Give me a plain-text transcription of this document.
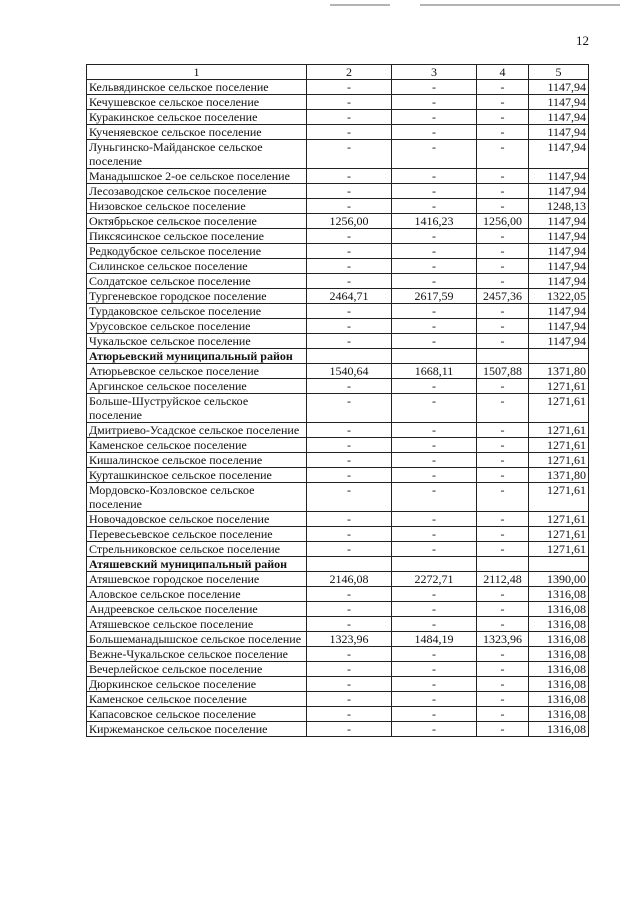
12
1	2	3	4	5
Кельвядинское сельское поселение	-	-	-	1147,94
Кечушевское сельское поселение	-	-	-	1147,94
Куракинское сельское поселение	-	-	-	1147,94
Кученяевское сельское поселение	-	-	-	1147,94
Луньгинско-Майданское сельское поселение	-	-	-	1147,94
Манадышское 2-ое сельское поселение	-	-	-	1147,94
Лесозаводское сельское поселение	-	-	-	1147,94
Низовское сельское поселение	-	-	-	1248,13
Октябрьское сельское поселение	1256,00	1416,23	1256,00	1147,94
Пиксясинское сельское поселение	-	-	-	1147,94
Редкодубское сельское поселение	-	-	-	1147,94
Силинское сельское поселение	-	-	-	1147,94
Солдатское сельское поселение	-	-	-	1147,94
Тургеневское городское поселение	2464,71	2617,59	2457,36	1322,05
Турдаковское сельское поселение	-	-	-	1147,94
Урусовское сельское поселение	-	-	-	1147,94
Чукальское сельское поселение	-	-	-	1147,94
Атюрьевский муниципальный район				
Атюрьевское сельское поселение	1540,64	1668,11	1507,88	1371,80
Аргинское сельское поселение	-	-	-	1271,61
Больше-Шуструйское сельское поселение	-	-	-	1271,61
Дмитриево-Усадское сельское поселение	-	-	-	1271,61
Каменское сельское поселение	-	-	-	1271,61
Кишалинское сельское поселение	-	-	-	1271,61
Курташкинское сельское поселение	-	-	-	1371,80
Мордовско-Козловское сельское поселение	-	-	-	1271,61
Новочадовское сельское поселение	-	-	-	1271,61
Перевесьевское сельское поселение	-	-	-	1271,61
Стрельниковское сельское поселение	-	-	-	1271,61
Атяшевский муниципальный район				
Атяшевское городское поселение	2146,08	2272,71	2112,48	1390,00
Аловское сельское поселение	-	-	-	1316,08
Андреевское сельское поселение	-	-	-	1316,08
Атяшевское сельское поселение	-	-	-	1316,08
Большеманадышское сельское поселение	1323,96	1484,19	1323,96	1316,08
Вежне-Чукальское сельское поселение	-	-	-	1316,08
Вечерлейское сельское поселение	-	-	-	1316,08
Дюркинское сельское поселение	-	-	-	1316,08
Каменское сельское поселение	-	-	-	1316,08
Капасовское сельское поселение	-	-	-	1316,08
Киржеманское сельское поселение	-	-	-	1316,08
